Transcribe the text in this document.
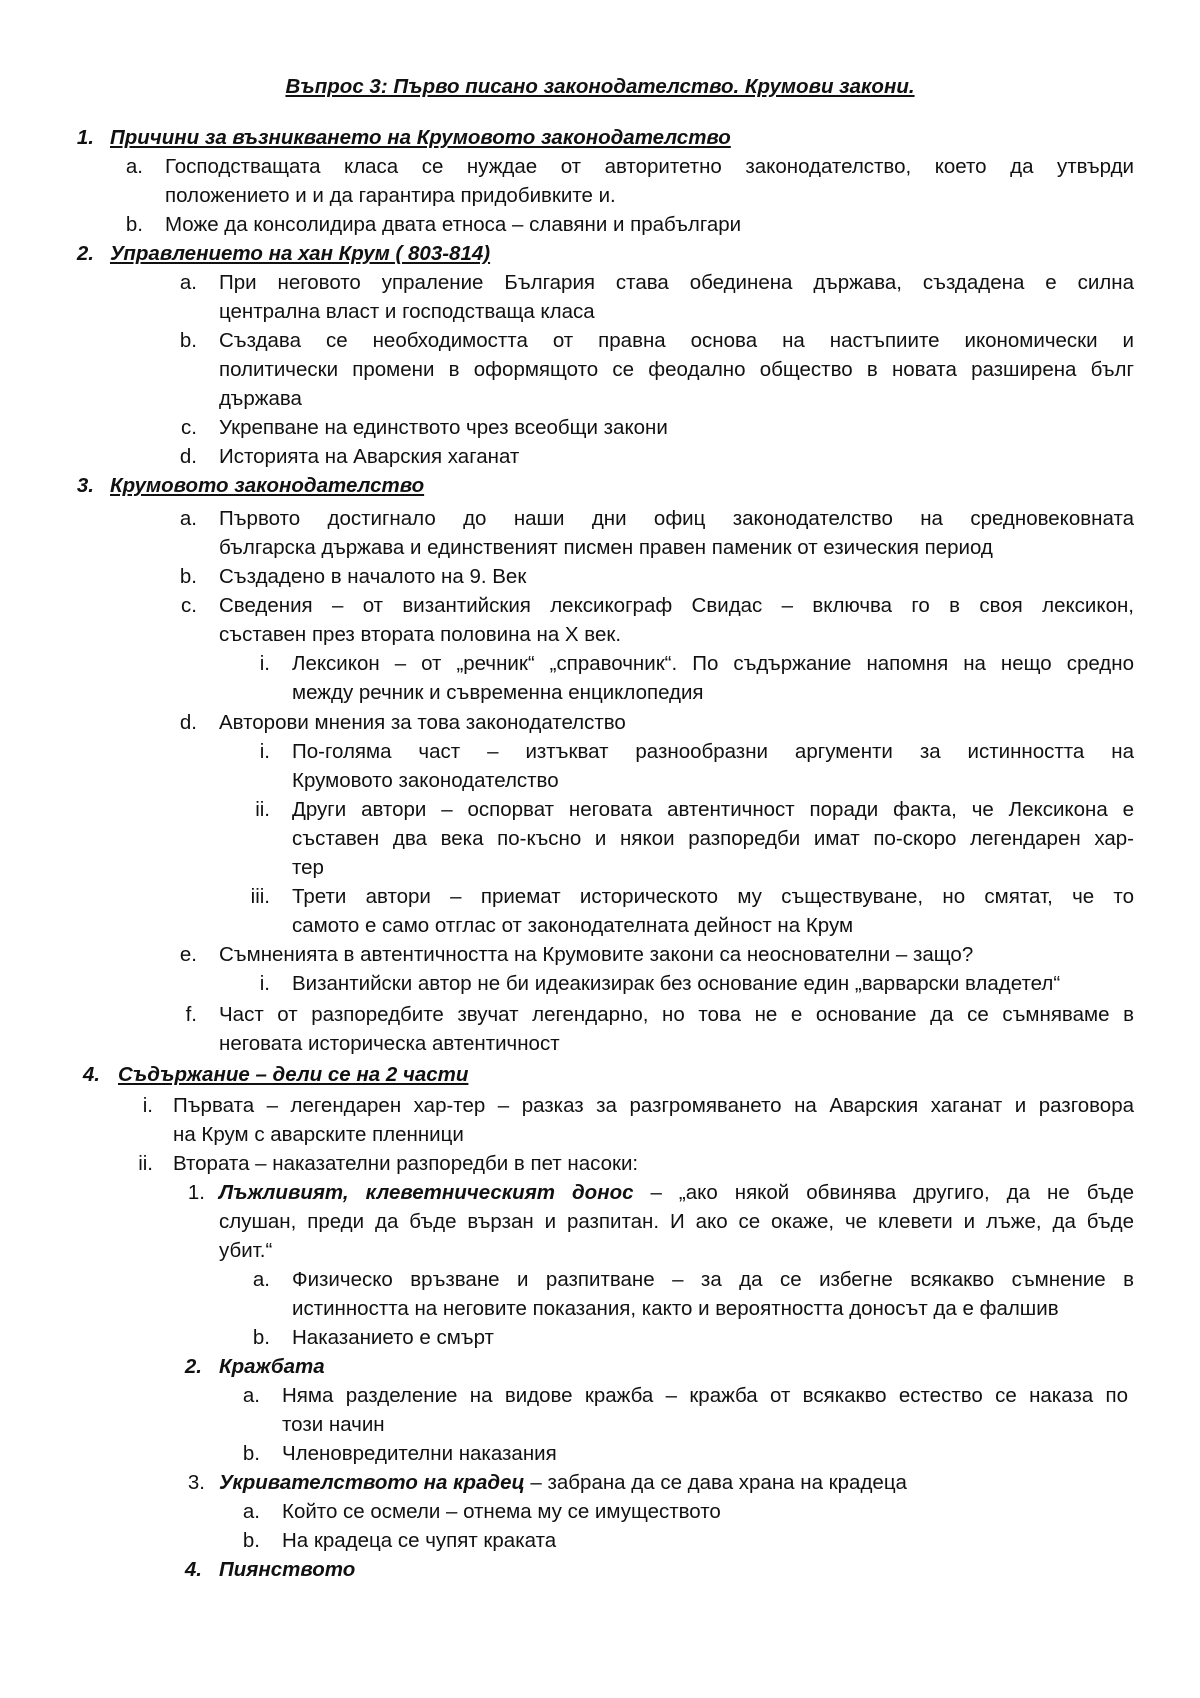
Въпрос 3: Първо писано законодателство. Крумови закони.
1. Причини за възникването на Крумовото законодателство
a. Господстващата класа се нуждае от авторитетно законодателство, което да утвърди
положението и и да гарантира придобивките и.
b. Може да консолидира двата етноса – славяни и прабългари
2. Управлението на хан Крум ( 803-814)
a. При неговото упраление България става обединена държава, създадена е силна
централна власт и господстваща класа
b. Създава се необходимостта от правна основа на настъпиите икономически и
политически промени в оформящото се феодално общество в новата разширена бълг
държава
c. Укрепване на единството чрез всеобщи закони
d. Историята на Аварския хаганат
3. Крумовото законодателство
a. Първото достигнало до наши дни офиц законодателство на средновековната
българска държава и единственият писмен правен паменик от езическия период
b. Създадено в началото на 9. Век
c. Сведения – от византийския лексикограф Свидас – включва го в своя лексикон,
съставен през втората половина на X век.
i. Лексикон – от „речник“ „справочник“. По съдържание напомня на нещо средно
между речник и съвременна енциклопедия
d. Авторови мнения за това законодателство
i. По-голяма част – изтъкват разнообразни аргументи за истинността на
Крумовото законодателство
ii. Други автори – оспорват неговата автентичност поради факта, че Лексикона е
съставен два века по-късно и някои разпоредби имат по-скоро легендарен хар-
тер
iii. Трети автори – приемат историческото му съществуване, но смятат, че то
самото е само отглас от законодателната дейност на Крум
e. Съмненията в автентичността на Крумовите закони са неоснователни – защо?
i. Византийски автор не би идеакизирак без основание един „варварски владетел“
f. Част от разпоредбите звучат легендарно, но това не е основание да се съмняваме в
неговата историческа автентичност
4. Съдържание – дели се на 2 части
i. Първата – легендарен хар-тер – разказ за разгромяването на Аварския хаганат и разговора
на Крум с аварските пленници
ii. Втората – наказателни разпоредби в пет насоки:
1. Лъжливият, клеветническият донос – „ако някой обвинява другиго, да не бъде
слушан, преди да бъде вързан и разпитан. И ако се окаже, че клевети и лъже, да бъде
убит.“
a. Физическо връзване и разпитване – за да се избегне всякакво съмнение в
истинността на неговите показания, както и вероятността доносът да е фалшив
b. Наказанието е смърт
2. Кражбата
a. Няма разделение на видове кражба – кражба от всякакво естество се наказа по
този начин
b. Членовредителни наказания
3. Укривателството на крадец – забрана да се дава храна на крадеца
a. Който се осмели – отнема му се имуществото
b. На крадеца се чупят краката
4. Пиянството
